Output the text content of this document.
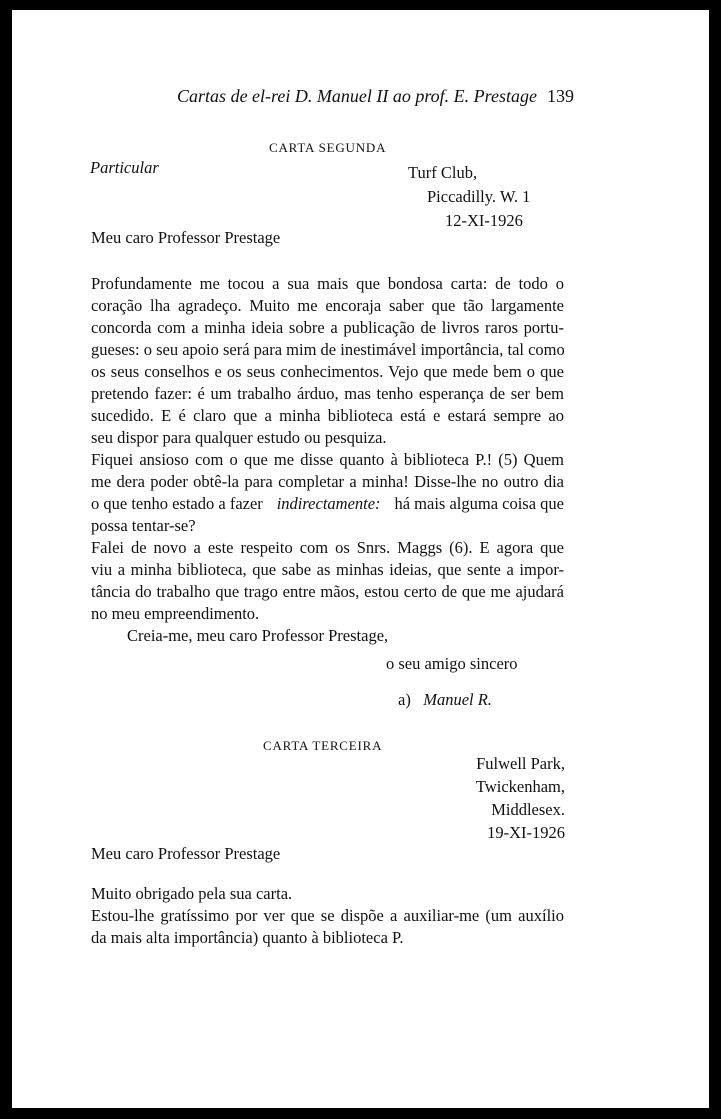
Cartas de el-rei D. Manuel II ao prof. E. Prestage 139
CARTA SEGUNDA
Particular	Turf Club,
Piccadilly. W. 1
12-XI-1926
Meu caro Professor Prestage
Profundamente me tocou a sua mais que bondosa carta: de todo o
coração lha agradeço. Muito me encoraja saber que tão largamente
concorda com a minha ideia sobre a publicação de livros raros portu-
gueses: o seu apoio será para mim de inestimável importância, tal como
os seus conselhos e os seus conhecimentos. Vejo que mede bem o que
pretendo fazer: é um trabalho árduo, mas tenho esperança de ser bem
sucedido. E é claro que a minha biblioteca está e estará sempre ao
seu dispor para qualquer estudo ou pesquiza.
Fiquei ansioso com o que me disse quanto à biblioteca P.! (5) Quem
me dera poder obtê-la para completar a minha! Disse-lhe no outro dia
o que tenho estado a fazer indirectamente: há mais alguma coisa que
possa tentar-se?
Falei de novo a este respeito com os Snrs. Maggs (6). E agora que
viu a minha biblioteca, que sabe as minhas ideias, que sente a impor-
tância do trabalho que trago entre mãos, estou certo de que me ajudará
no meu empreendimento.
Creia-me, meu caro Professor Prestage,
o seu amigo sincero
a) Manuel R.
CARTA TERCEIRA
Fulwell Park,
Twickenham,
Middlesex.
19-XI-1926
Meu caro Professor Prestage
Muito obrigado pela sua carta.
Estou-lhe gratíssimo por ver que se dispõe a auxiliar-me (um auxílio
da mais alta importância) quanto à biblioteca P.
